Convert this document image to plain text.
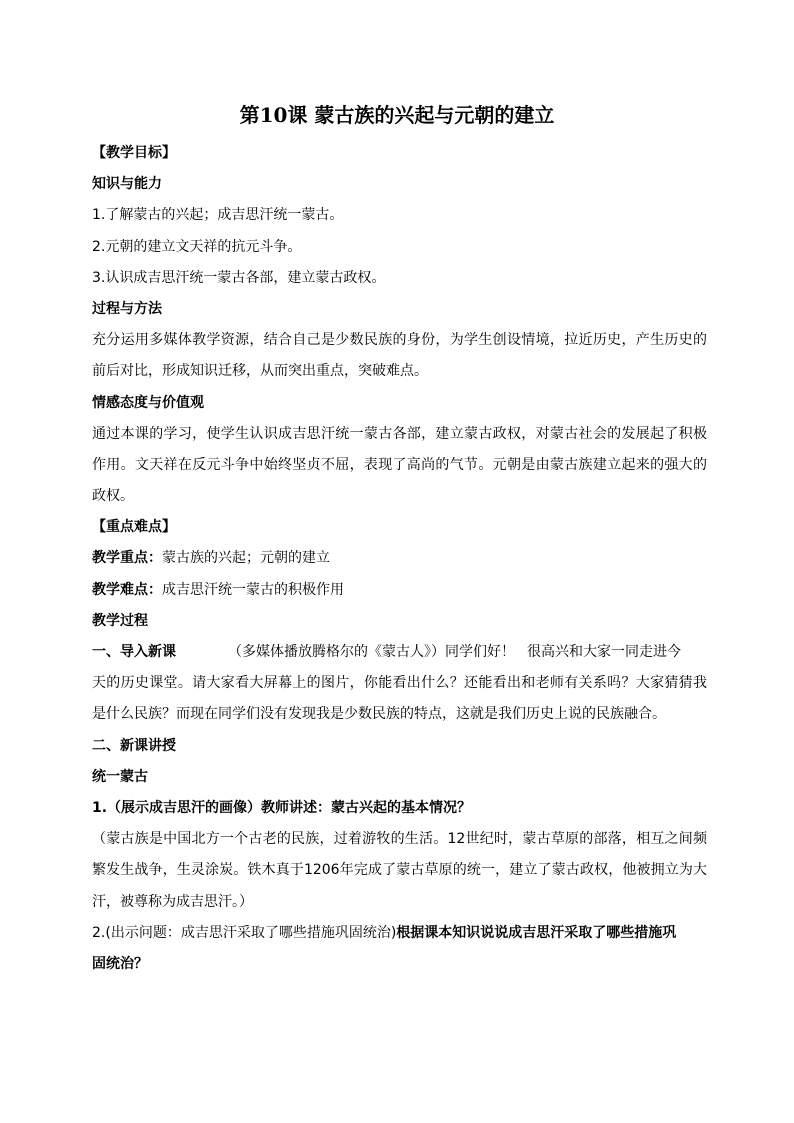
第10课 蒙古族的兴起与元朝的建立
【教学目标】
知识与能力
1.了解蒙古的兴起；成吉思汗统一蒙古。
2.元朝的建立文天祥的抗元斗争。
3.认识成吉思汗统一蒙古各部，建立蒙古政权。
过程与方法
充分运用多媒体教学资源，结合自己是少数民族的身份，为学生创设情境，拉近历史，产生历史的
前后对比，形成知识迁移，从而突出重点，突破难点。
情感态度与价值观
通过本课的学习，使学生认识成吉思汗统一蒙古各部，建立蒙古政权，对蒙古社会的发展起了积极
作用。文天祥在反元斗争中始终坚贞不屈，表现了高尚的气节。元朝是由蒙古族建立起来的强大的
政权。
【重点难点】
教学重点：蒙古族的兴起；元朝的建立
教学难点：成吉思汗统一蒙古的积极作用
教学过程
一、导入新课	（多媒体播放腾格尔的《蒙古人》）同学们好！ 很高兴和大家一同走进今
天的历史课堂。请大家看大屏幕上的图片，你能看出什么？还能看出和老师有关系吗？大家猜猜我
是什么民族？而现在同学们没有发现我是少数民族的特点，这就是我们历史上说的民族融合。
二、新课讲授
统一蒙古
1.（展示成吉思汗的画像）教师讲述：蒙古兴起的基本情况？
（蒙古族是中国北方一个古老的民族，过着游牧的生活。12世纪时，蒙古草原的部落，相互之间频
繁发生战争，生灵涂炭。铁木真于1206年完成了蒙古草原的统一，建立了蒙古政权，他被拥立为大
汗，被尊称为成吉思汗。）
2.(出示问题：成吉思汗采取了哪些措施巩固统治)根据课本知识说说成吉思汗采取了哪些措施巩
固统治？
